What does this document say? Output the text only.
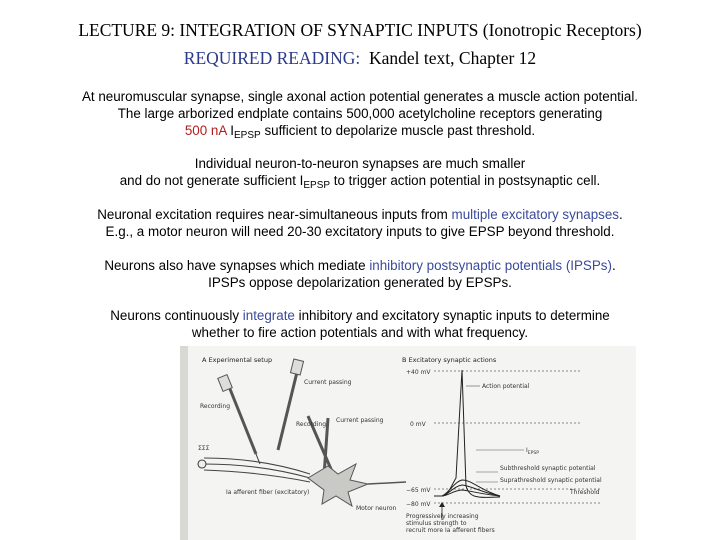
LECTURE 9: INTEGRATION OF SYNAPTIC INPUTS (Ionotropic Receptors)
REQUIRED READING: Kandel text, Chapter 12
At neuromuscular synapse, single axonal action potential generates a muscle action potential.
The large arborized endplate contains 500,000 acetylcholine receptors generating
500 nA $I_{EPSP}$ sufficient to depolarize muscle past threshold.
Individual neuron-to-neuron synapses are much smaller
and do not generate sufficient $I_{EPSP}$ to trigger action potential in postsynaptic cell.
Neuronal excitation requires near-simultaneous inputs from multiple excitatory synapses.
E.g., a motor neuron will need 20-30 excitatory inputs to give EPSP beyond threshold.
Neurons also have synapses which mediate inhibitory postsynaptic potentials (IPSPs).
IPSPs oppose depolarization generated by EPSPs.
Neurons continuously integrate inhibitory and excitatory synaptic inputs to determine
whether to fire action potentials and with what frequency.
A Experimental setup
Recording
Current passing
Recording
Current passing
ΣΣΣ
Ia afferent fiber (excitatory)
Motor neuron
B Excitatory synaptic actions
+40 mV
0 mV
−65 mV
−80 mV
Action potential
$I_{EPSP}$
Subthreshold synaptic potential
Suprathreshold synaptic potential
Threshold
Progressively increasing
stimulus strength to
recruit more Ia afferent fibers
